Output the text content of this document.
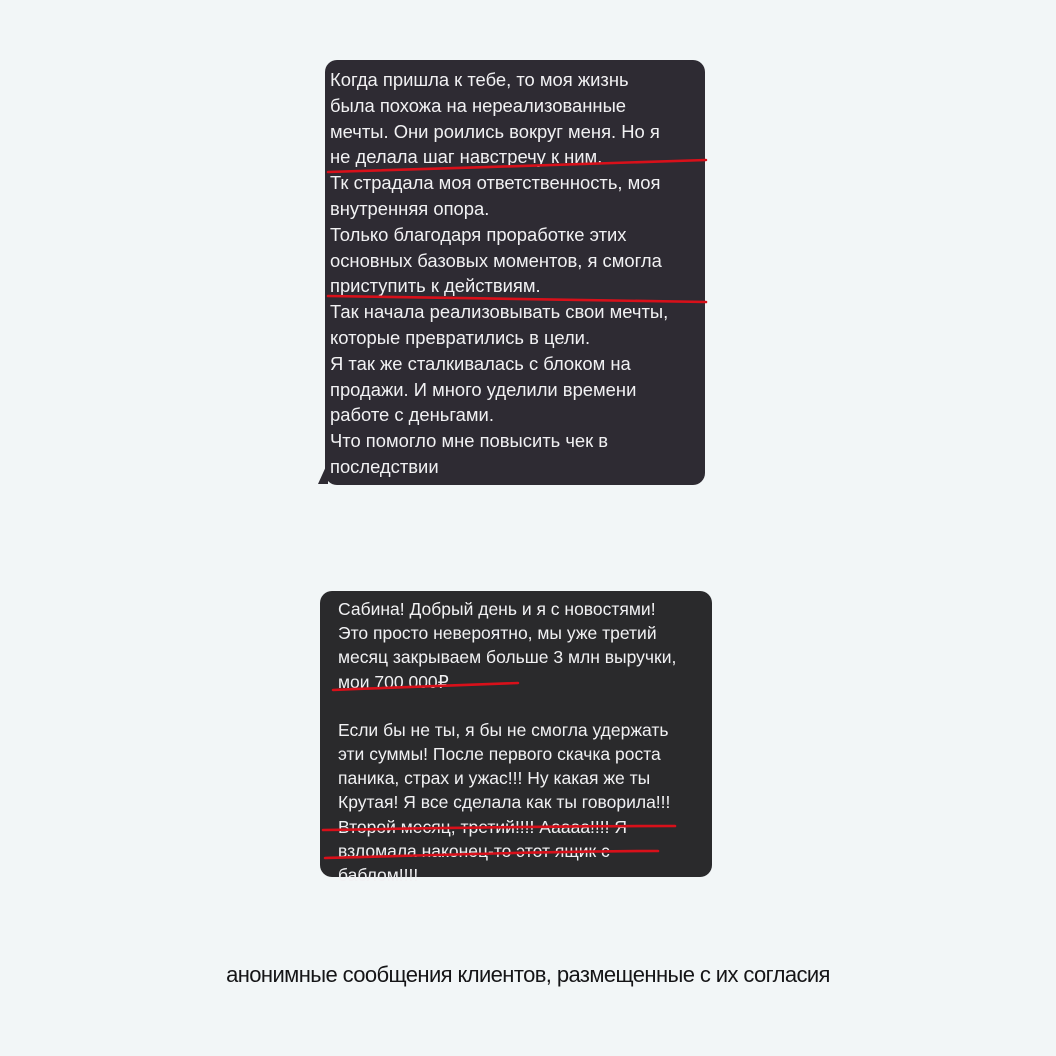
Когда пришла к тебе, то моя жизнь
была похожа на нереализованные
мечты. Они роились вокруг меня. Но я
не делала шаг навстречу к ним.
Тк страдала моя ответственность, моя
внутренняя опора.
Только благодаря проработке этих
основных базовых моментов, я смогла
приступить к действиям.
Так начала реализовывать свои мечты,
которые превратились в цели.
Я так же сталкивалась с блоком на
продажи. И много уделили времени
работе с деньгами.
Что помогло мне повысить чек в
последствии
Сабина! Добрый день и я с новостями!
Это просто невероятно, мы уже третий
месяц закрываем больше 3 млн выручки,
мои 700 000₽
Если бы не ты, я бы не смогла удержать
эти суммы! После первого скачка роста
паника, страх и ужас!!! Ну какая же ты
Крутая! Я все сделала как ты говорила!!!
Второй месяц, третий!!!! Аааaa!!!! Я
взломала наконец-то этот ящик с
баблом!!!!
анонимные сообщения клиентов, размещенные с их согласия
